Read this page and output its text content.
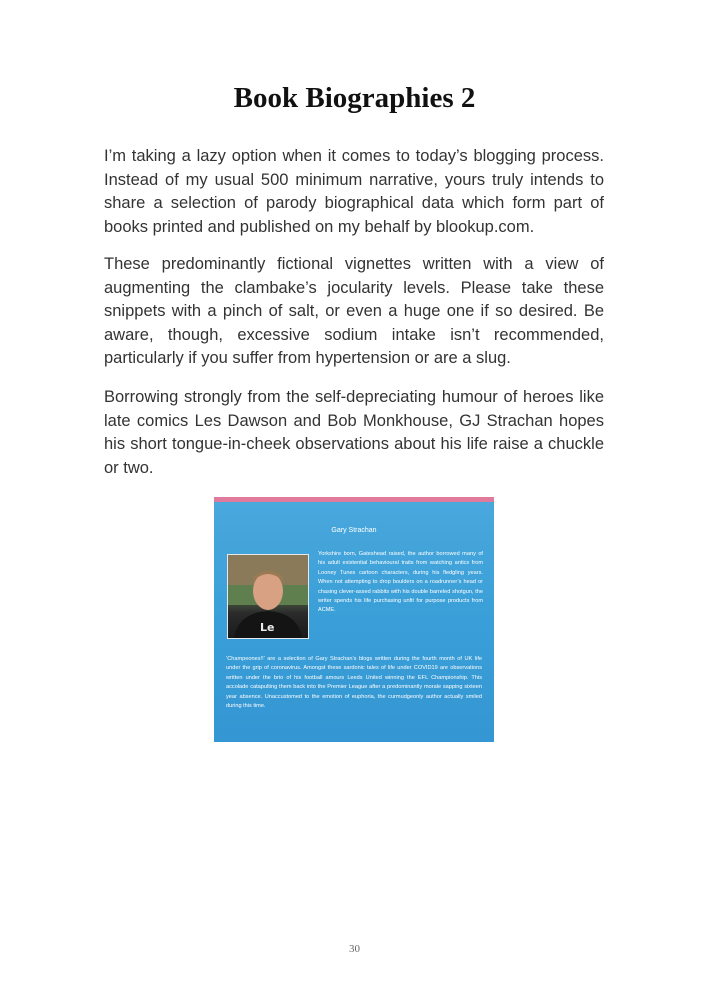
Book Biographies 2

I’m taking a lazy option when it comes to today’s blogging process. Instead of my usual 500 minimum narrative, yours truly intends to share a selection of parody biographical data which form part of books printed and published on my behalf by blookup.com.

These predominantly fictional vignettes written with a view of augmenting the clambake’s jocularity levels. Please take these snippets with a pinch of salt, or even a huge one if so desired. Be aware, though, excessive sodium intake isn’t recommended, particularly if you suffer from hypertension or are a slug.

Borrowing strongly from the self-depreciating humour of heroes like late comics Les Dawson and Bob Monkhouse, GJ Strachan hopes his short tongue-in-cheek observations about his life raise a chuckle or two.

Gary Strachan
Le

Yorkshire born, Gateshead raised, the author borrowed many of his adult existential behavioural traits from watching antics from Looney Tunes cartoon characters, during his fledgling years. When not attempting to drop boulders on a roadrunner’s head or chasing clever-assed rabbits with his double barreled shotgun, the writer spends his life purchasing unfit for purpose products from ACME.

‘Champeones!!’ are a selection of Gary Strachan’s blogs written during the fourth month of UK life under the grip of coronavirus. Amongst these sardonic tales of life under COVID19 are observations written under the brio of his football amours Leeds United winning the EFL Championship. This accolade catapulting them back into the Premier League after a predominantly morale sapping sixteen year absence. Unaccustomed to the emotion of euphoria, the curmudgeonly author actually smiled during this time.

30
